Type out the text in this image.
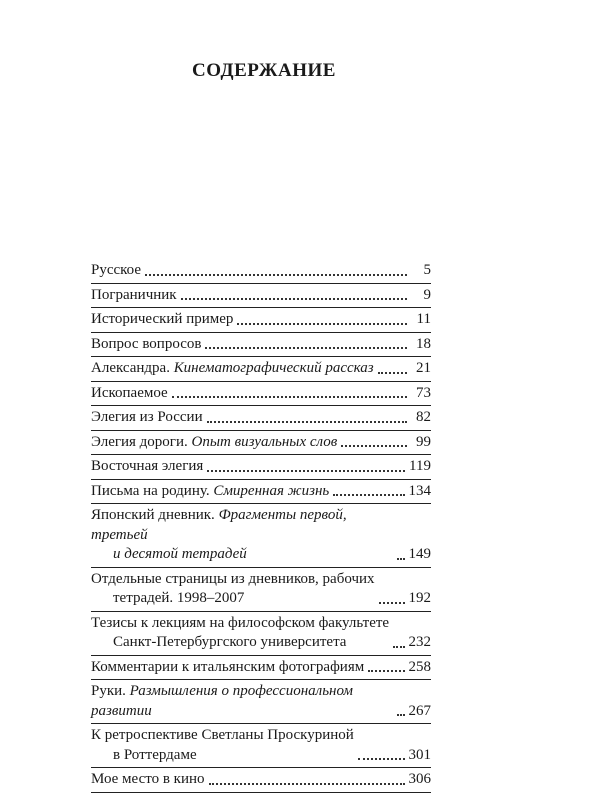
СОДЕРЖАНИЕ
Русское	5
Пограничник	9
Исторический пример	11
Вопрос вопросов	18
Александра. Кинематографический рассказ	21
Ископаемое	73
Элегия из России	82
Элегия дороги. Опыт визуальных слов	99
Восточная элегия	119
Письма на родину. Смиренная жизнь	134
Японский дневник. Фрагменты первой, третьей
и десятой тетрадей	149
Отдельные страницы из дневников, рабочих
тетрадей. 1998–2007	192
Тезисы к лекциям на философском факультете
Санкт-Петербургского университета	232
Комментарии к итальянским фотографиям	258
Руки. Размышления о профессиональном развитии	267
К ретроспективе Светланы Проскуриной
в Роттердаме	301
Мое место в кино	306
